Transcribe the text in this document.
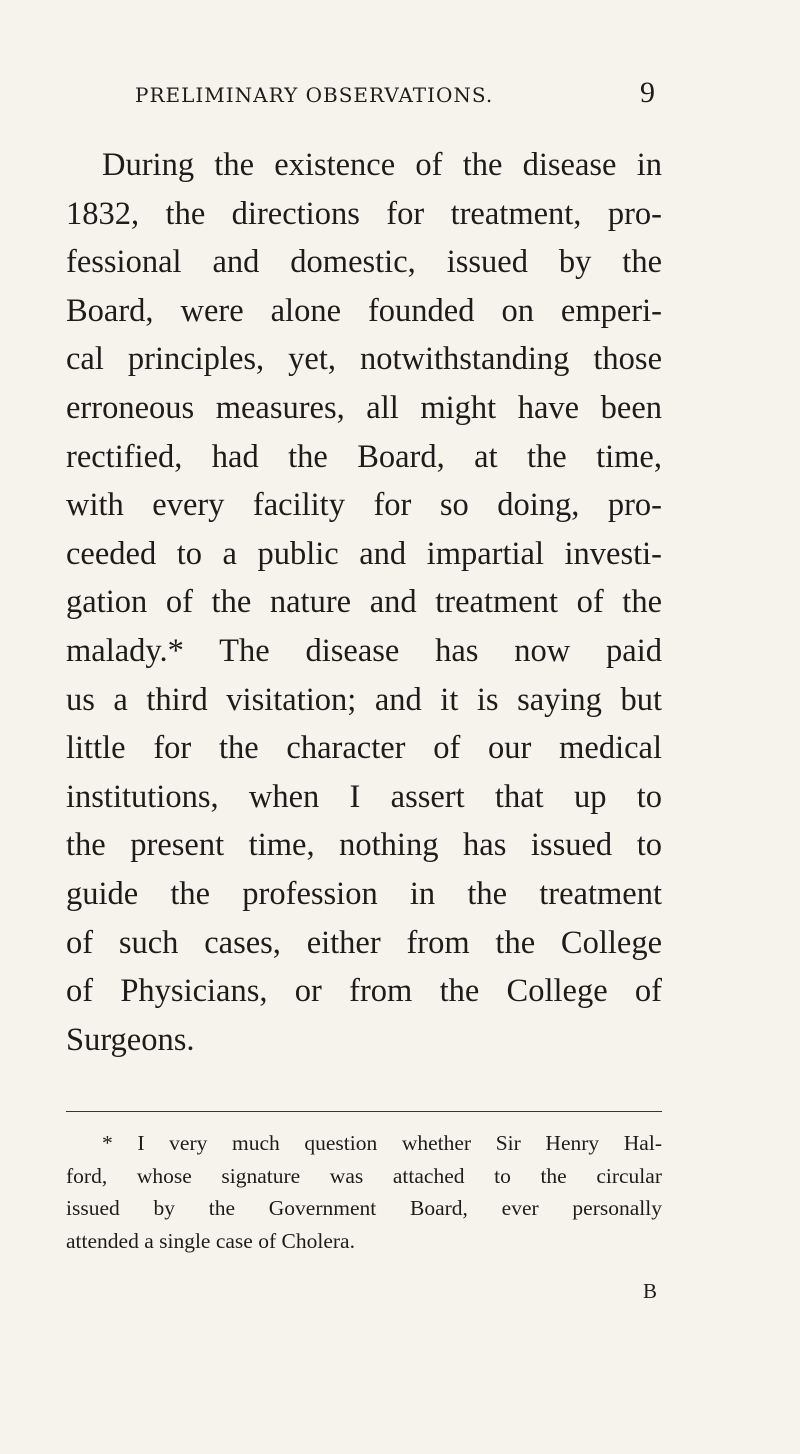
PRELIMINARY OBSERVATIONS.	9
During the existence of the disease in
1832, the directions for treatment, pro-
fessional and domestic, issued by the
Board, were alone founded on emperi-
cal principles, yet, notwithstanding those
erroneous measures, all might have been
rectified, had the Board, at the time,
with every facility for so doing, pro-
ceeded to a public and impartial investi-
gation of the nature and treatment of the
malady.* The disease has now paid
us a third visitation; and it is saying but
little for the character of our medical
institutions, when I assert that up to
the present time, nothing has issued to
guide the profession in the treatment
of such cases, either from the College
of Physicians, or from the College of
Surgeons.
* I very much question whether Sir Henry Hal-
ford, whose signature was attached to the circular
issued by the Government Board, ever personally
attended a single case of Cholera.
B
